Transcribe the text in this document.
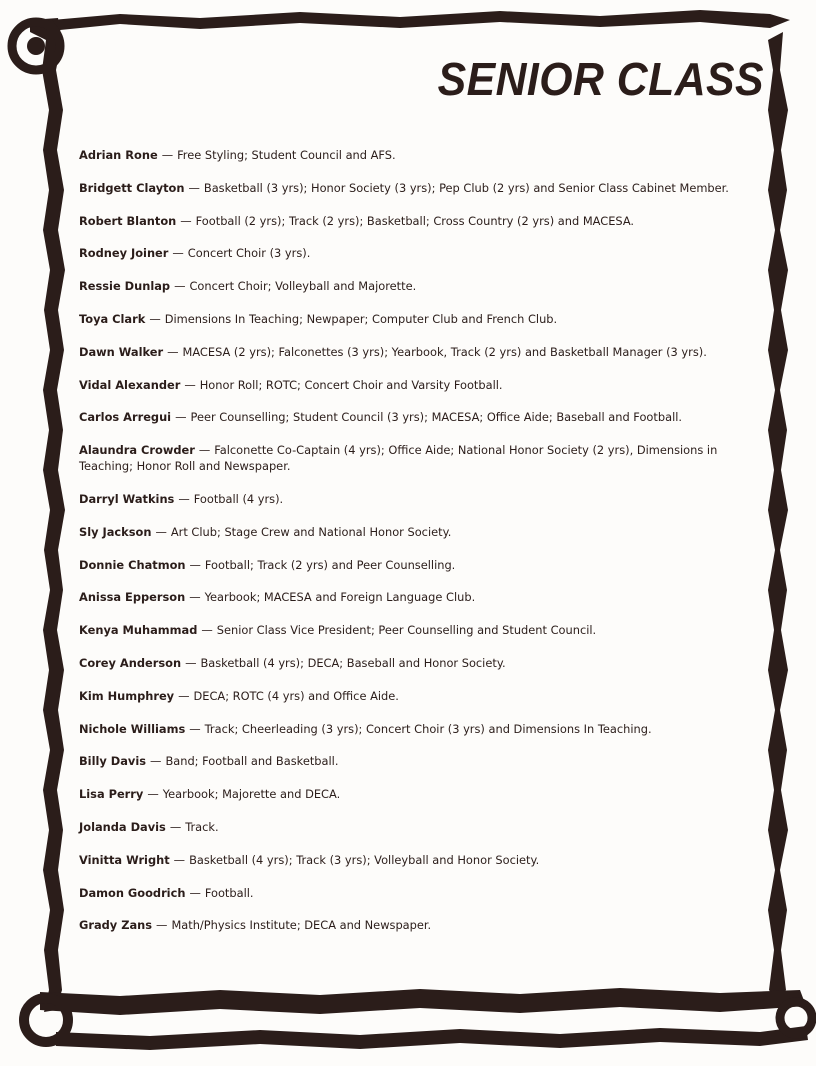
SENIOR CLASS
Adrian Rone — Free Styling; Student Council and AFS.
Bridgett Clayton — Basketball (3 yrs); Honor Society (3 yrs); Pep Club (2 yrs) and Senior Class Cabinet Member.
Robert Blanton — Football (2 yrs); Track (2 yrs); Basketball; Cross Country (2 yrs) and MACESA.
Rodney Joiner — Concert Choir (3 yrs).
Ressie Dunlap — Concert Choir; Volleyball and Majorette.
Toya Clark — Dimensions In Teaching; Newpaper; Computer Club and French Club.
Dawn Walker — MACESA (2 yrs); Falconettes (3 yrs); Yearbook, Track (2 yrs) and Basketball Manager (3 yrs).
Vidal Alexander — Honor Roll; ROTC; Concert Choir and Varsity Football.
Carlos Arregui — Peer Counselling; Student Council (3 yrs); MACESA; Office Aide; Baseball and Football.
Alaundra Crowder — Falconette Co-Captain (4 yrs); Office Aide; National Honor Society (2 yrs), Dimensions in Teaching; Honor Roll and Newspaper.
Darryl Watkins — Football (4 yrs).
Sly Jackson — Art Club; Stage Crew and National Honor Society.
Donnie Chatmon — Football; Track (2 yrs) and Peer Counselling.
Anissa Epperson — Yearbook; MACESA and Foreign Language Club.
Kenya Muhammad — Senior Class Vice President; Peer Counselling and Student Council.
Corey Anderson — Basketball (4 yrs); DECA; Baseball and Honor Society.
Kim Humphrey — DECA; ROTC (4 yrs) and Office Aide.
Nichole Williams — Track; Cheerleading (3 yrs); Concert Choir (3 yrs) and Dimensions In Teaching.
Billy Davis — Band; Football and Basketball.
Lisa Perry — Yearbook; Majorette and DECA.
Jolanda Davis — Track.
Vinitta Wright — Basketball (4 yrs); Track (3 yrs); Volleyball and Honor Society.
Damon Goodrich — Football.
Grady Zans — Math/Physics Institute; DECA and Newspaper.
